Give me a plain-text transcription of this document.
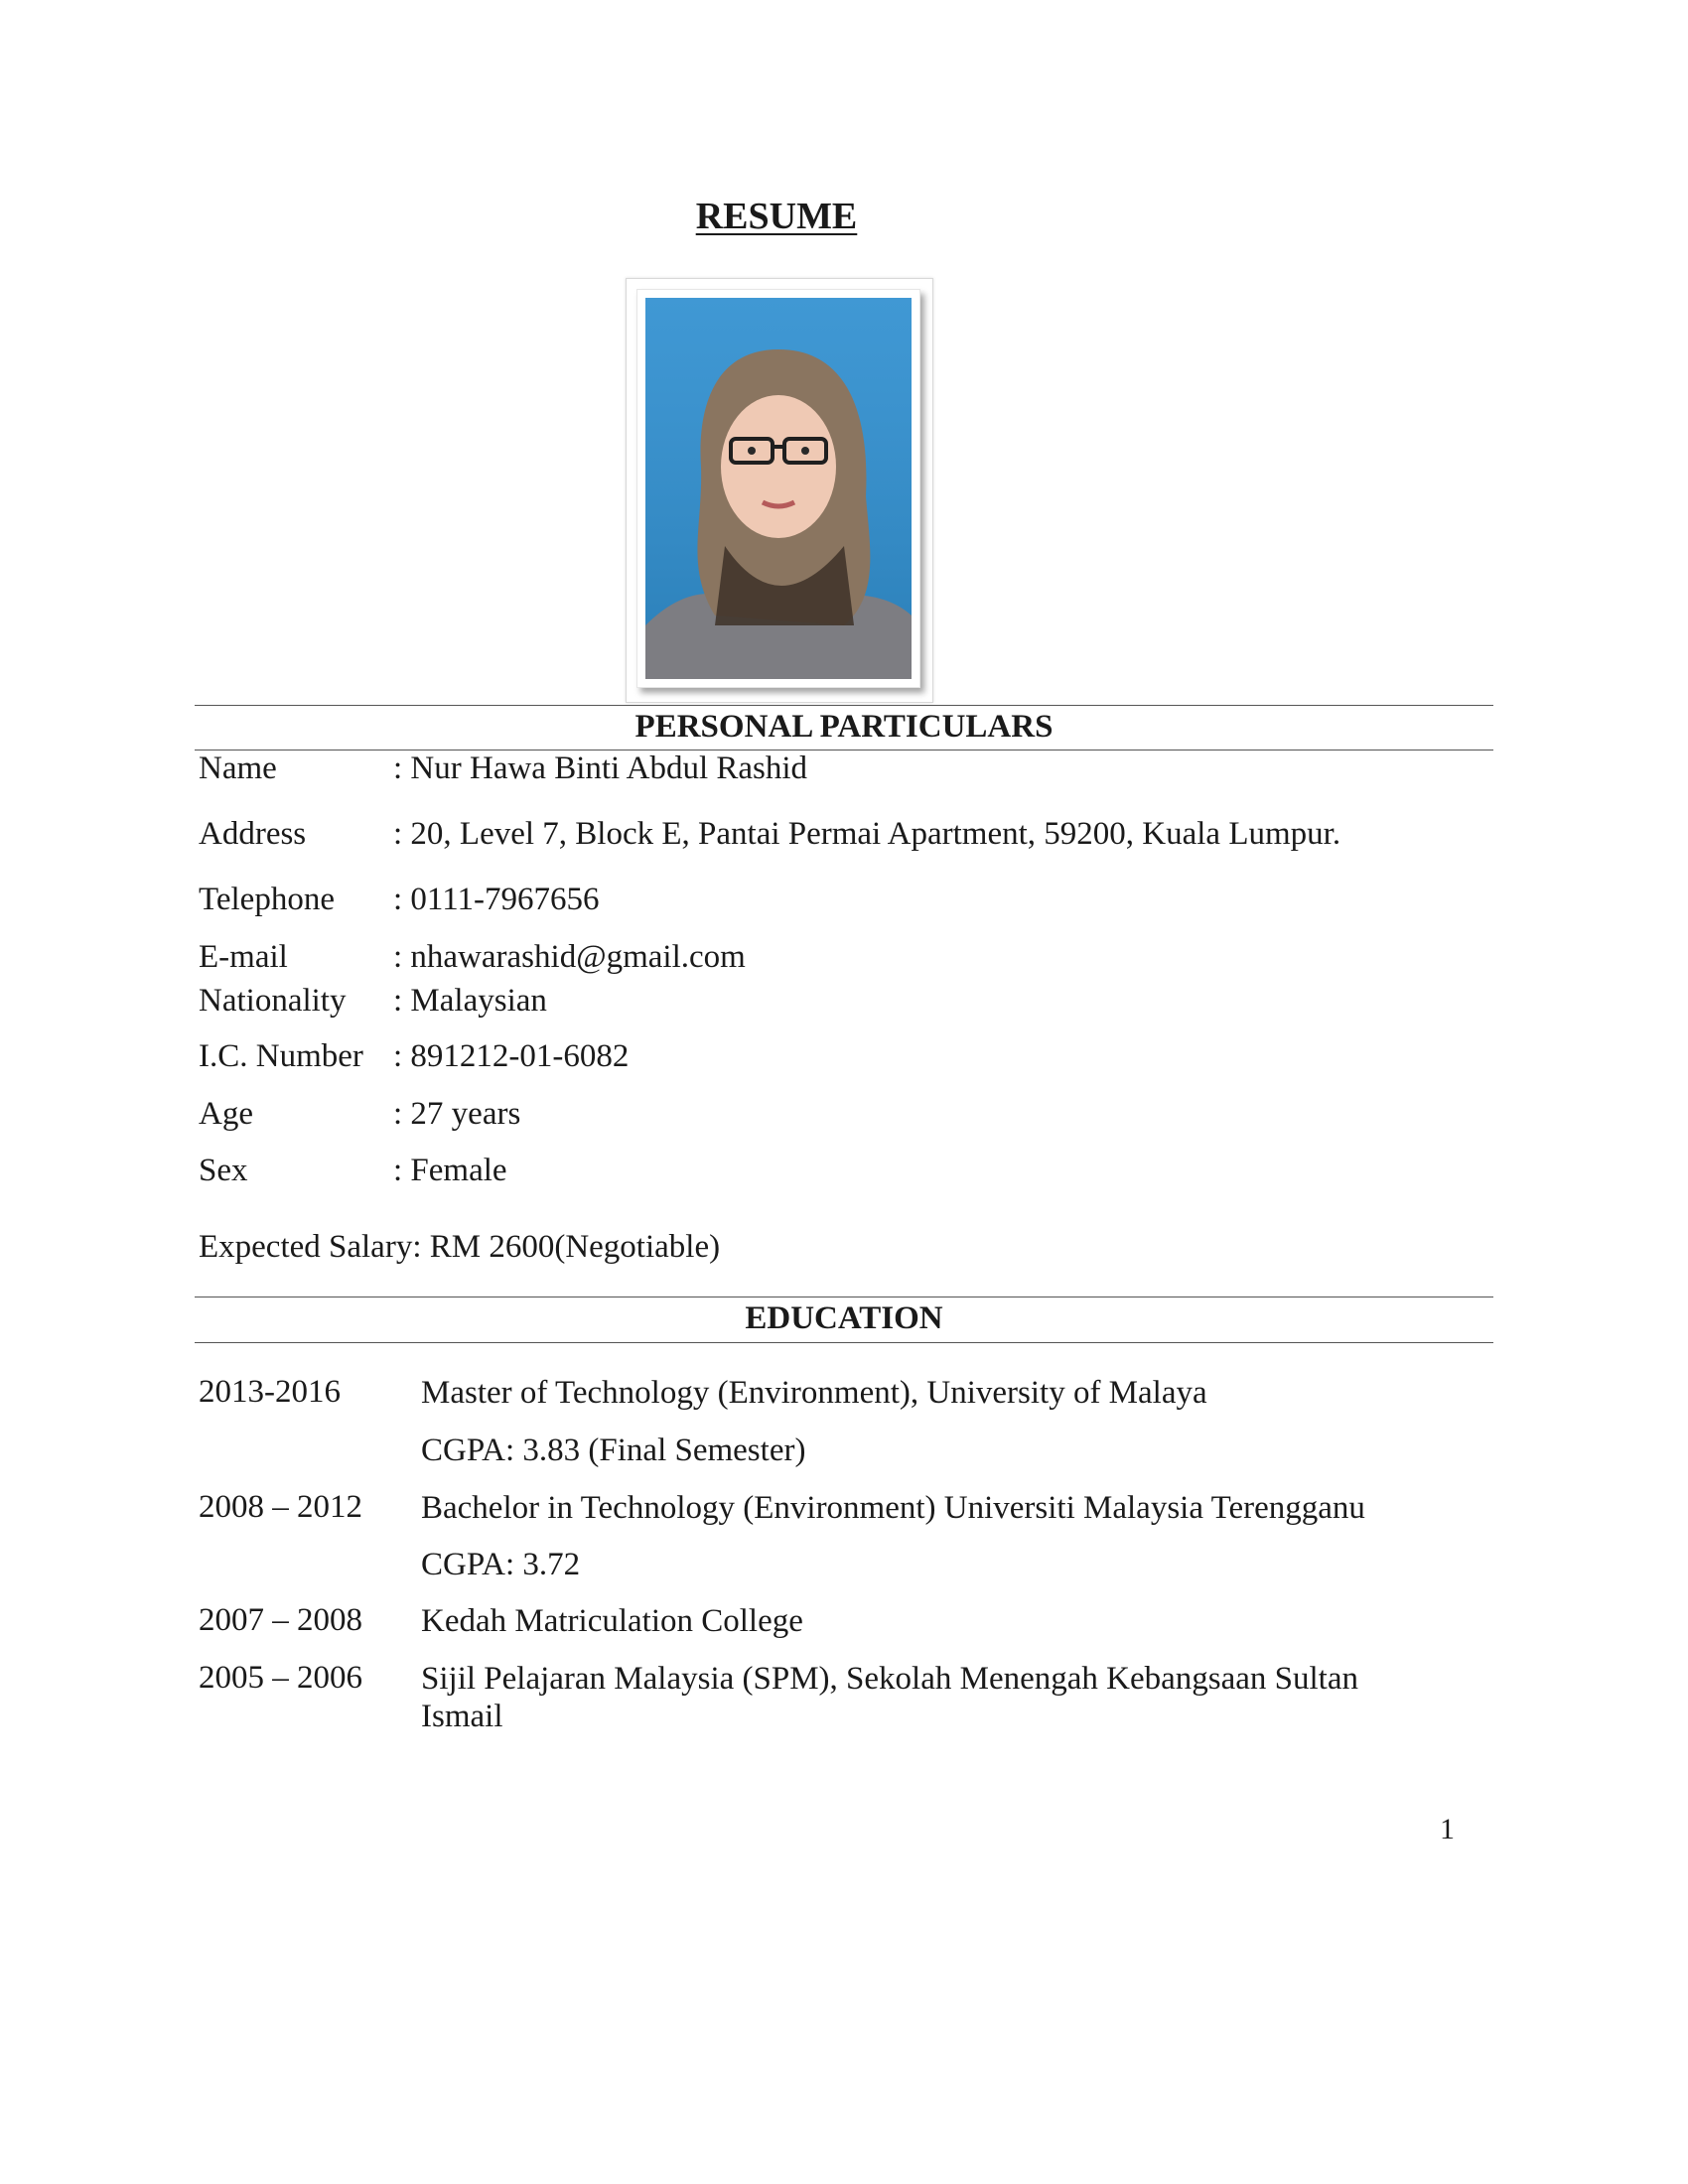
RESUME
PERSONAL PARTICULARS
Name	: Nur Hawa Binti Abdul Rashid
Address	: 20, Level 7, Block E, Pantai Permai Apartment, 59200, Kuala Lumpur.
Telephone : 0111-7967656
E-mail	: nhawarashid@gmail.com
Nationality : Malaysian
I.C. Number : 891212-01-6082
Age	: 27 years
Sex	: Female
Expected Salary: RM 2600(Negotiable)
EDUCATION
2013-2016 Master of Technology (Environment), University of Malaya
CGPA: 3.83 (Final Semester)
2008 – 2012 Bachelor in Technology (Environment) Universiti Malaysia Terengganu
CGPA: 3.72
2007 – 2008 Kedah Matriculation College
2005 – 2006 Sijil Pelajaran Malaysia (SPM), Sekolah Menengah Kebangsaan Sultan Ismail
1
